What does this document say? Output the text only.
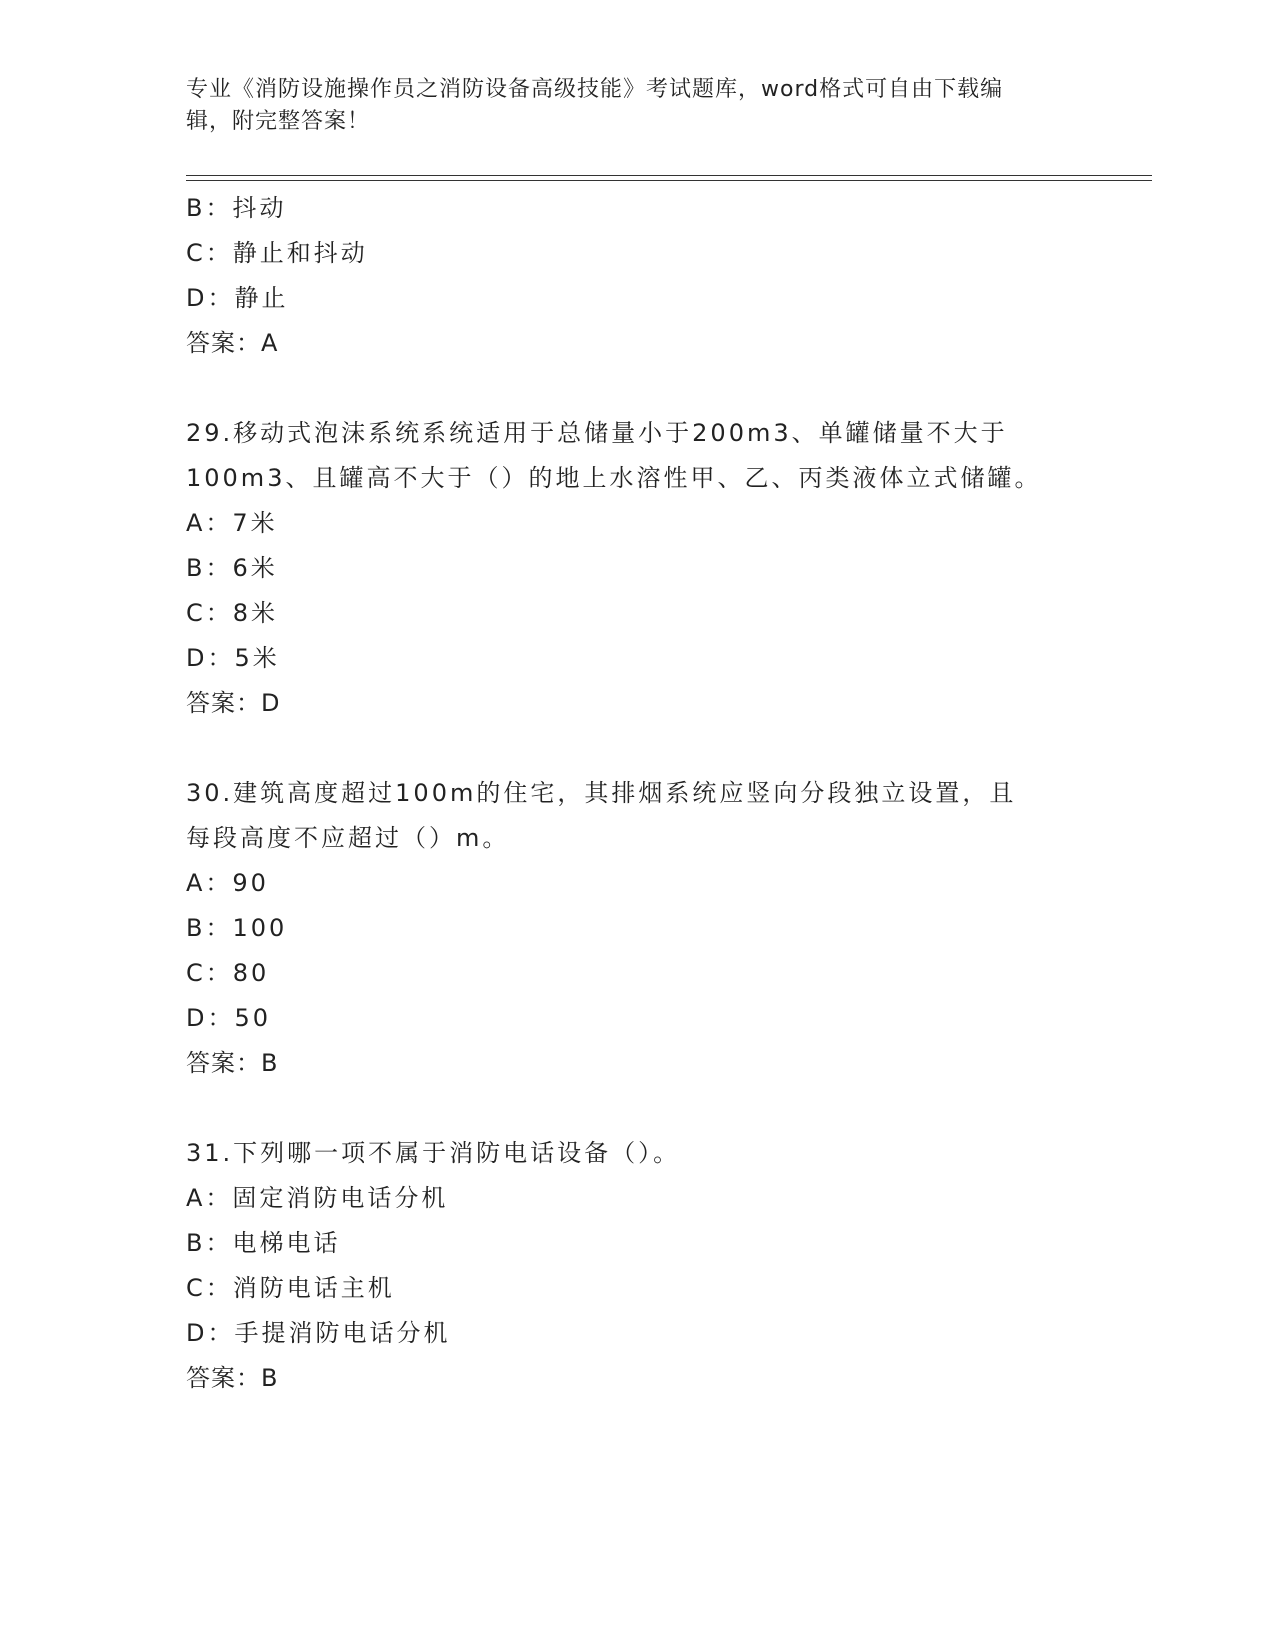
专业《消防设施操作员之消防设备高级技能》考试题库，word格式可自由下载编

辑，附完整答案！

B：抖动
C：静止和抖动
D：静止
答案：A
29.移动式泡沫系统系统适用于总储量小于200m3、单罐储量不大于
100m3、且罐高不大于（）的地上水溶性甲、乙、丙类液体立式储罐。
A：7米
B：6米
C：8米
D：5米
答案：D
30.建筑高度超过100m的住宅，其排烟系统应竖向分段独立设置，且
每段高度不应超过（）m。
A：90
B：100
C：80
D：50
答案：B
31.下列哪一项不属于消防电话设备（）。
A：固定消防电话分机
B：电梯电话
C：消防电话主机
D：手提消防电话分机
答案：B
